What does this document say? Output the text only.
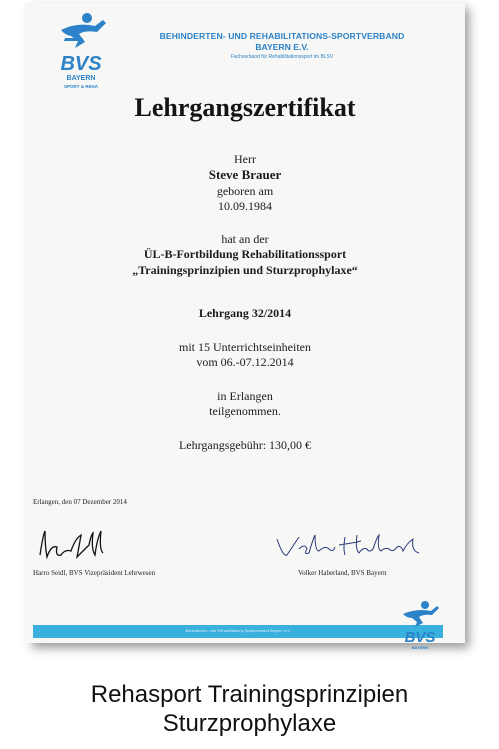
BVS
BAYERN
SPORT & REHA
BEHINDERTEN- UND REHABILITATIONS-SPORTVERBAND
BAYERN E.V.
Fachverband für Rehabilitationssport im BLSV
Lehrgangszertifikat
Herr
Steve Brauer
geboren am
10.09.1984
hat an der
ÜL-B-Fortbildung Rehabilitationssport
„Trainingsprinzipien und Sturzprophylaxe“
Lehrgang 32/2014
mit 15 Unterrichtseinheiten
vom 06.-07.12.2014
in Erlangen
teilgenommen.
Lehrgangsgebühr: 130,00 €
Erlangen, den 07 Dezember 2014
Harro Seidl, BVS Vizepräsident Lehrwesen	Volker Haberland, BVS Bayern
Behinderten- und Rehabilitations-Sportverband Bayern e.V.	BVS
BAYERN
Rehasport Trainingsprinzipien
Sturzprophylaxe
